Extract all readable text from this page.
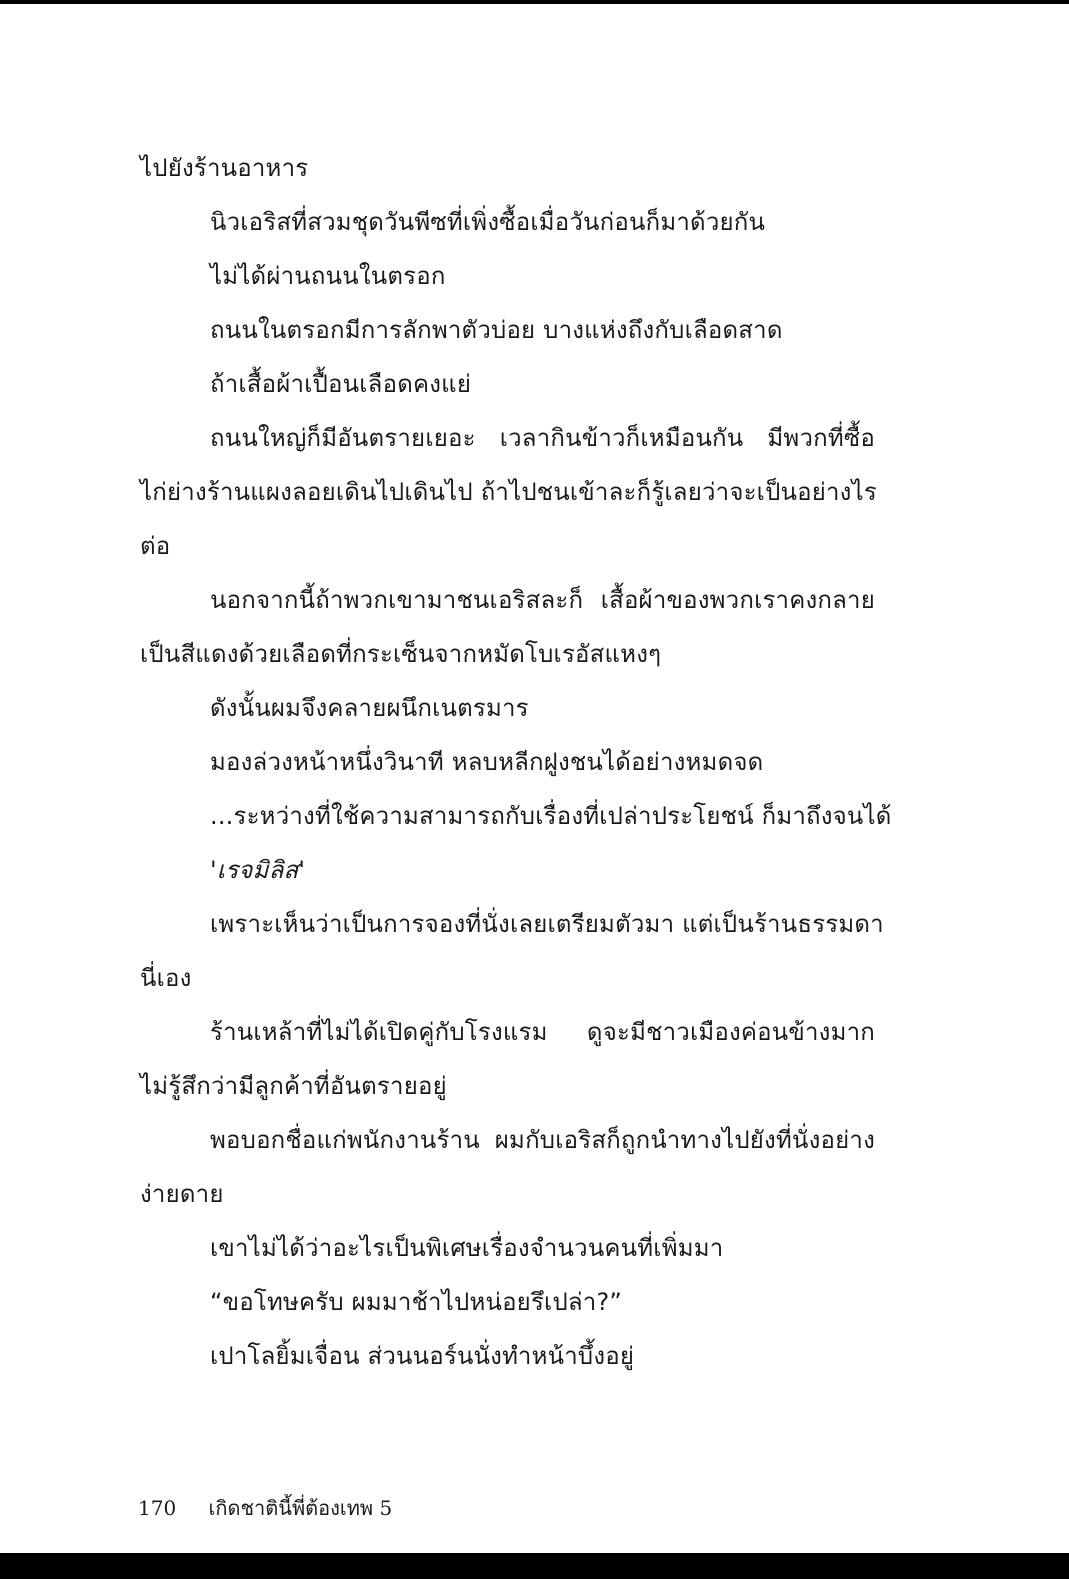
ไปยังร้านอาหาร
นิวเอริสที่สวมชุดวันพีซที่เพิ่งซื้อเมื่อวันก่อนก็มาด้วยกัน
ไม่ได้ผ่านถนนในตรอก
ถนนในตรอกมีการลักพาตัวบ่อย บางแห่งถึงกับเลือดสาด
ถ้าเสื้อผ้าเปื้อนเลือดคงแย่
ถนนใหญ่ก็มีอันตรายเยอะ เวลากินข้าวก็เหมือนกัน มีพวกที่ซื้อ
ไก่ย่างร้านแผงลอยเดินไปเดินไป ถ้าไปชนเข้าละก็รู้เลยว่าจะเป็นอย่างไร
ต่อ
นอกจากนี้ถ้าพวกเขามาชนเอริสละก็ เสื้อผ้าของพวกเราคงกลาย
เป็นสีแดงด้วยเลือดที่กระเซ็นจากหมัดโบเรอัสแหงๆ
ดังนั้นผมจึงคลายผนึกเนตรมาร
มองล่วงหน้าหนึ่งวินาที หลบหลีกฝูงชนได้อย่างหมดจด
...ระหว่างที่ใช้ความสามารถกับเรื่องที่เปล่าประโยชน์ ก็มาถึงจนได้
'เรจมิลิส'
เพราะเห็นว่าเป็นการจองที่นั่งเลยเตรียมตัวมา แต่เป็นร้านธรรมดา
นี่เอง
ร้านเหล้าที่ไม่ได้เปิดคู่กับโรงแรม ดูจะมีชาวเมืองค่อนข้างมาก
ไม่รู้สึกว่ามีลูกค้าที่อันตรายอยู่
พอบอกชื่อแก่พนักงานร้าน ผมกับเอริสก็ถูกนำทางไปยังที่นั่งอย่าง
ง่ายดาย
เขาไม่ได้ว่าอะไรเป็นพิเศษเรื่องจำนวนคนที่เพิ่มมา
“ขอโทษครับ ผมมาช้าไปหน่อยรึเปล่า?”
เปาโลยิ้มเจื่อน ส่วนนอร์นนั่งทำหน้าบึ้งอยู่
170 เกิดชาตินี้พี่ต้องเทพ 5
